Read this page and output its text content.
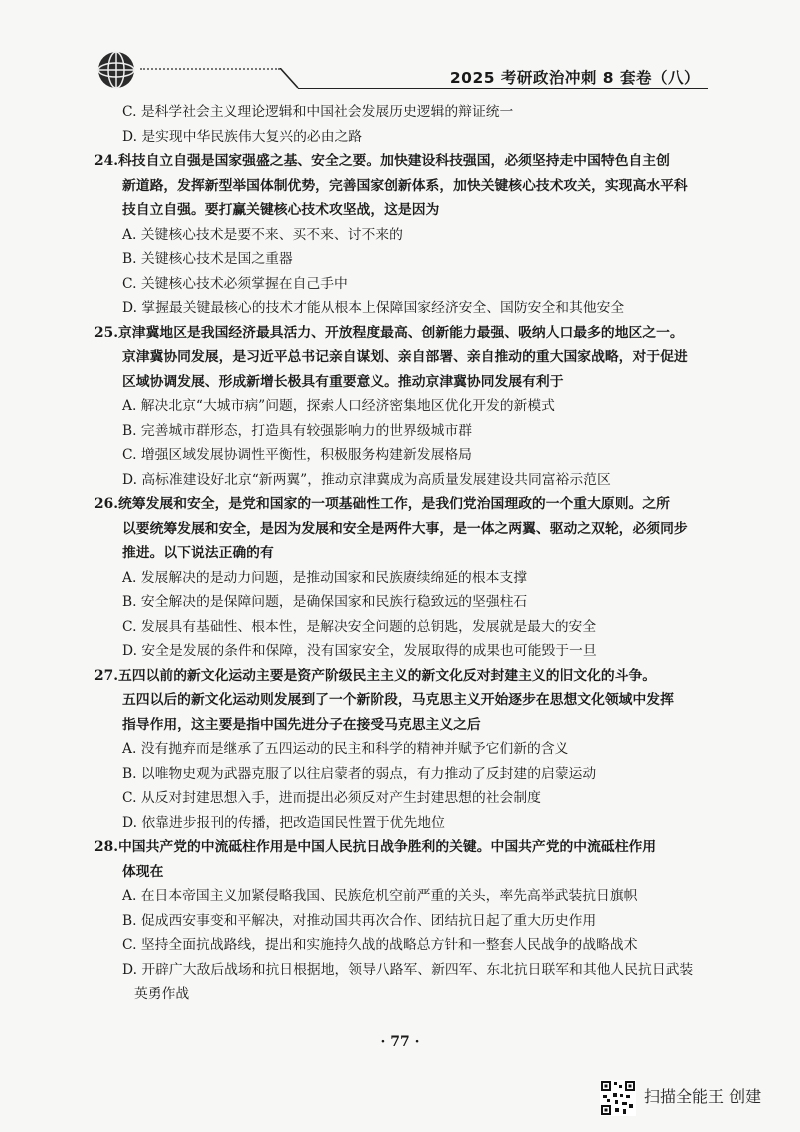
2025 考研政治冲刺 8 套卷（八）
C. 是科学社会主义理论逻辑和中国社会发展历史逻辑的辩证统一
D. 是实现中华民族伟大复兴的必由之路
24.科技自立自强是国家强盛之基、安全之要。加快建设科技强国，必须坚持走中国特色自主创
新道路，发挥新型举国体制优势，完善国家创新体系，加快关键核心技术攻关，实现高水平科
技自立自强。要打赢关键核心技术攻坚战，这是因为
A. 关键核心技术是要不来、买不来、讨不来的
B. 关键核心技术是国之重器
C. 关键核心技术必须掌握在自己手中
D. 掌握最关键最核心的技术才能从根本上保障国家经济安全、国防安全和其他安全
25.京津冀地区是我国经济最具活力、开放程度最高、创新能力最强、吸纳人口最多的地区之一。
京津冀协同发展，是习近平总书记亲自谋划、亲自部署、亲自推动的重大国家战略，对于促进
区域协调发展、形成新增长极具有重要意义。推动京津冀协同发展有利于
A. 解决北京“大城市病”问题，探索人口经济密集地区优化开发的新模式
B. 完善城市群形态，打造具有较强影响力的世界级城市群
C. 增强区域发展协调性平衡性，积极服务构建新发展格局
D. 高标准建设好北京“新两翼”，推动京津冀成为高质量发展建设共同富裕示范区
26.统筹发展和安全，是党和国家的一项基础性工作，是我们党治国理政的一个重大原则。之所
以要统筹发展和安全，是因为发展和安全是两件大事，是一体之两翼、驱动之双轮，必须同步
推进。以下说法正确的有
A. 发展解决的是动力问题，是推动国家和民族赓续绵延的根本支撑
B. 安全解决的是保障问题，是确保国家和民族行稳致远的坚强柱石
C. 发展具有基础性、根本性，是解决安全问题的总钥匙，发展就是最大的安全
D. 安全是发展的条件和保障，没有国家安全，发展取得的成果也可能毁于一旦
27.五四以前的新文化运动主要是资产阶级民主主义的新文化反对封建主义的旧文化的斗争。
五四以后的新文化运动则发展到了一个新阶段，马克思主义开始逐步在思想文化领域中发挥
指导作用，这主要是指中国先进分子在接受马克思主义之后
A. 没有抛弃而是继承了五四运动的民主和科学的精神并赋予它们新的含义
B. 以唯物史观为武器克服了以往启蒙者的弱点，有力推动了反封建的启蒙运动
C. 从反对封建思想入手，进而提出必须反对产生封建思想的社会制度
D. 依靠进步报刊的传播，把改造国民性置于优先地位
28.中国共产党的中流砥柱作用是中国人民抗日战争胜利的关键。中国共产党的中流砥柱作用
体现在
A. 在日本帝国主义加紧侵略我国、民族危机空前严重的关头，率先高举武装抗日旗帜
B. 促成西安事变和平解决，对推动国共再次合作、团结抗日起了重大历史作用
C. 坚持全面抗战路线，提出和实施持久战的战略总方针和一整套人民战争的战略战术
D. 开辟广大敌后战场和抗日根据地，领导八路军、新四军、东北抗日联军和其他人民抗日武装
英勇作战
· 77 ·
扫描全能王 创建
